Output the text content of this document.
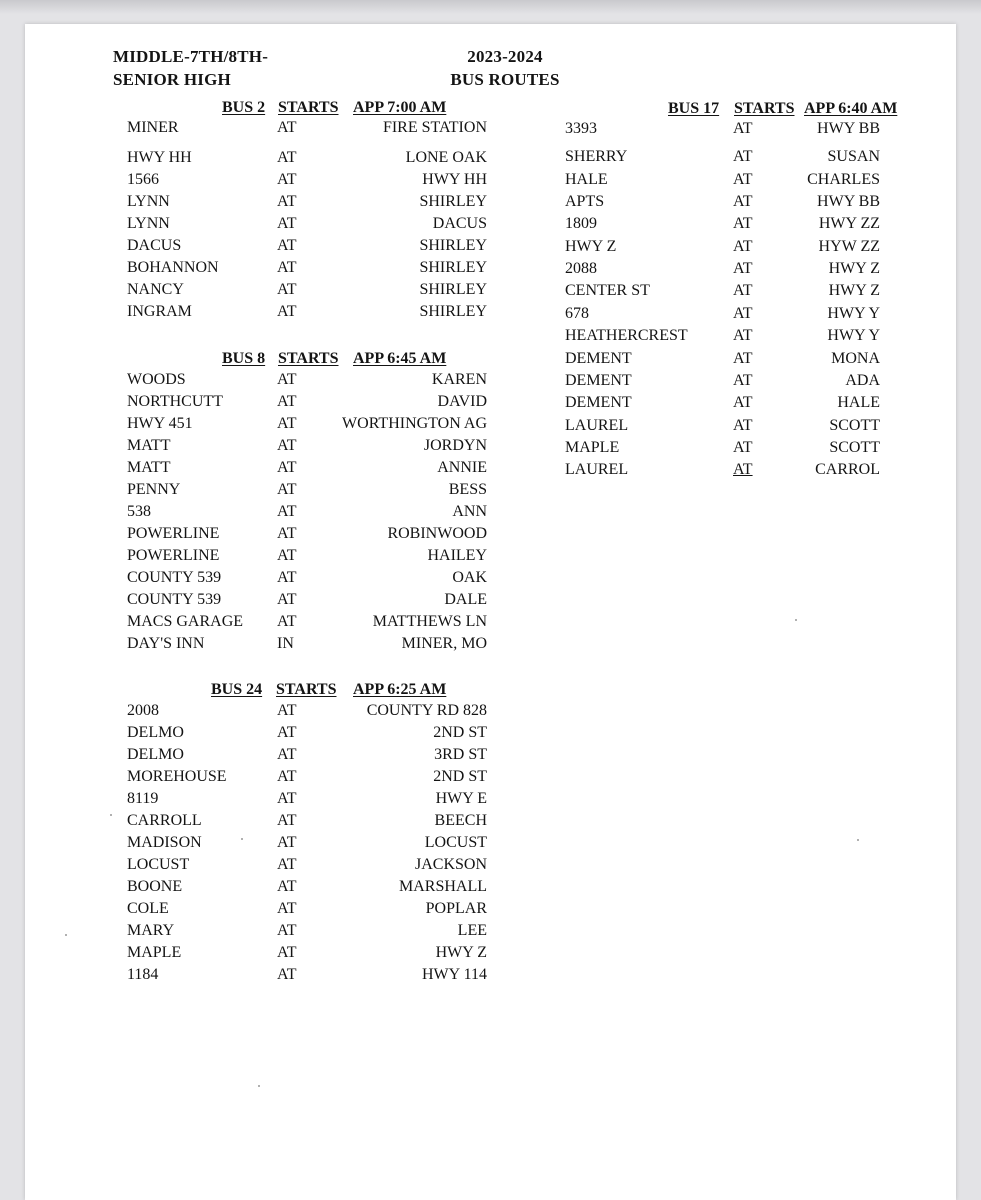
MIDDLE-7TH/8TH-
SENIOR HIGH
2023-2024
BUS ROUTES
BUS 2 STARTS APP 7:00 AM
MINER	AT	FIRE STATION
HWY HH	AT	LONE OAK
1566	AT	HWY HH
LYNN	AT	SHIRLEY
LYNN	AT	DACUS
DACUS	AT	SHIRLEY
BOHANNON	AT	SHIRLEY
NANCY	AT	SHIRLEY
INGRAM	AT	SHIRLEY
BUS 8 STARTS APP 6:45 AM
WOODS	AT	KAREN
NORTHCUTT	AT	DAVID
HWY 451	AT	WORTHINGTON AG
MATT	AT	JORDYN
MATT	AT	ANNIE
PENNY	AT	BESS
538	AT	ANN
POWERLINE	AT	ROBINWOOD
POWERLINE	AT	HAILEY
COUNTY 539	AT	OAK
COUNTY 539	AT	DALE
MACS GARAGE AT	MATTHEWS LN
DAY'S INN	IN	MINER, MO
BUS 24 STARTS APP 6:25 AM
2008	AT	COUNTY RD 828
DELMO	AT	2ND ST
DELMO	AT	3RD ST
MOREHOUSE	AT	2ND ST
8119	AT	HWY E
CARROLL	AT	BEECH
MADISON	AT	LOCUST
LOCUST	AT	JACKSON
BOONE	AT	MARSHALL
COLE	AT	POPLAR
MARY	AT	LEE
MAPLE	AT	HWY Z
1184	AT	HWY 114
BUS 17 STARTS APP 6:40 AM
3393	AT	HWY BB
SHERRY	AT	SUSAN
HALE	AT	CHARLES
APTS	AT	HWY BB
1809	AT	HWY ZZ
HWY Z	AT	HYW ZZ
2088	AT	HWY Z
CENTER ST	AT	HWY Z
678	AT	HWY Y
HEATHERCREST	AT	HWY Y
DEMENT	AT	MONA
DEMENT	AT	ADA
DEMENT	AT	HALE
LAUREL	AT	SCOTT
MAPLE	AT	SCOTT
LAUREL	AT	CARROL
